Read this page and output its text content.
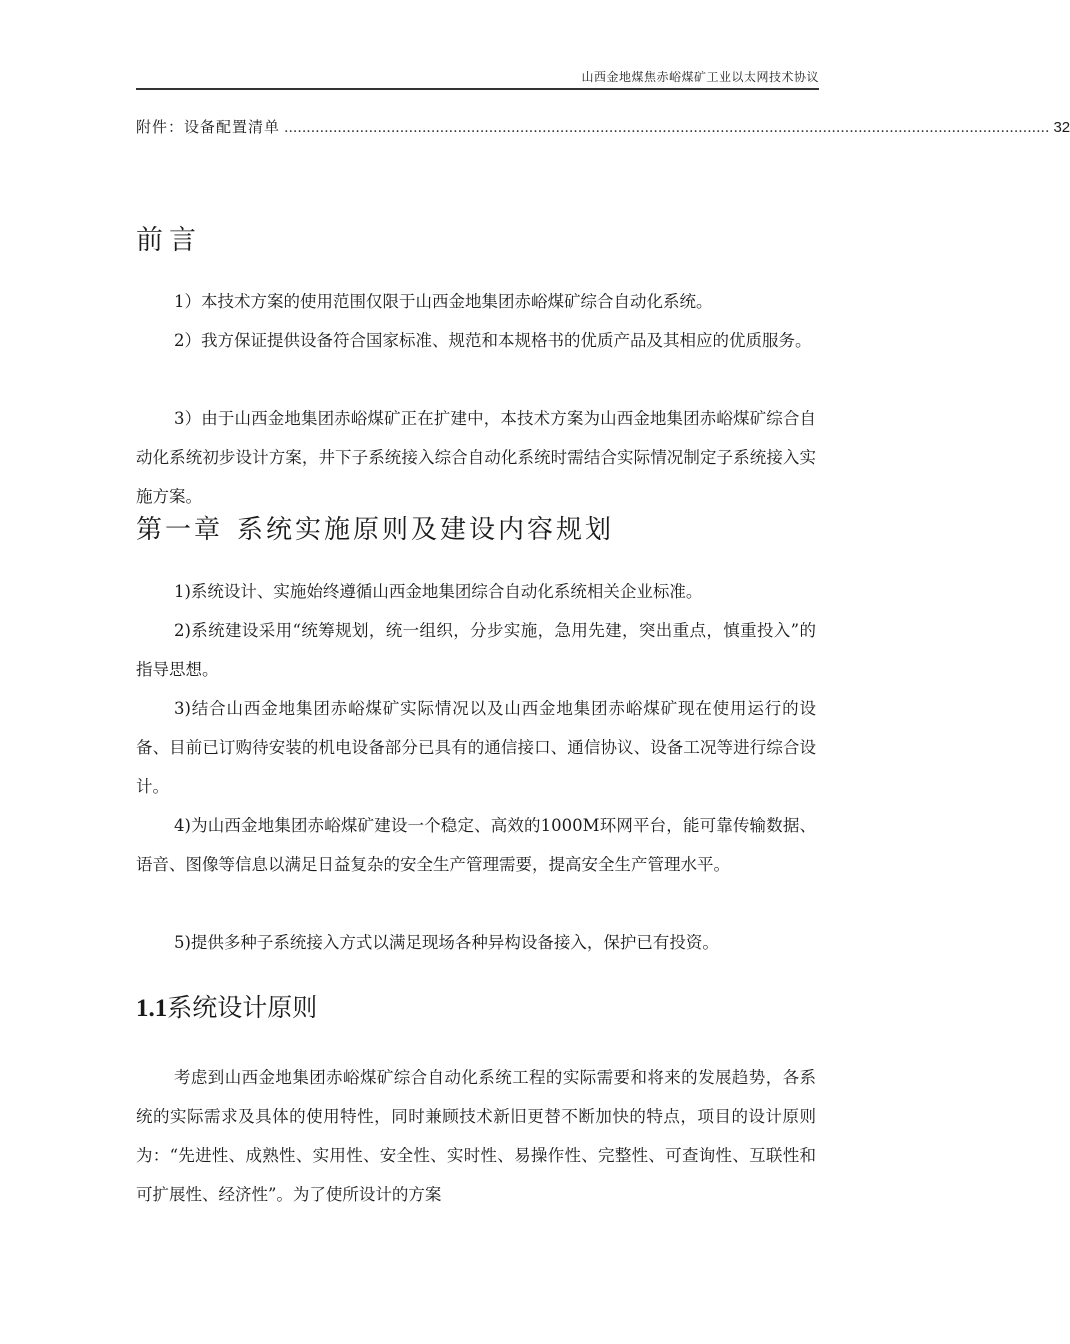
山西金地煤焦赤峪煤矿工业以太网技术协议
附件：设备配置清单 ............................................................................................................................................................................ 32
前言

1）本技术方案的使用范围仅限于山西金地集团赤峪煤矿综合自动化系统。

2）我方保证提供设备符合国家标准、规范和本规格书的优质产品及其相应的优质服务。

3）由于山西金地集团赤峪煤矿正在扩建中，本技术方案为山西金地集团赤峪煤矿综合自动化系统初步设计方案，井下子系统接入综合自动化系统时需结合实际情况制定子系统接入实施方案。

第一章 系统实施原则及建设内容规划

1)系统设计、实施始终遵循山西金地集团综合自动化系统相关企业标准。

2)系统建设采用“统筹规划，统一组织，分步实施，急用先建，突出重点，慎重投入”的指导思想。

3)结合山西金地集团赤峪煤矿实际情况以及山西金地集团赤峪煤矿现在使用运行的设备、目前已订购待安装的机电设备部分已具有的通信接口、通信协议、设备工况等进行综合设计。

4)为山西金地集团赤峪煤矿建设一个稳定、高效的1000M环网平台，能可靠传输数据、语音、图像等信息以满足日益复杂的安全生产管理需要，提高安全生产管理水平。

5)提供多种子系统接入方式以满足现场各种异构设备接入，保护已有投资。

1.1系统设计原则

考虑到山西金地集团赤峪煤矿综合自动化系统工程的实际需要和将来的发展趋势，各系统的实际需求及具体的使用特性，同时兼顾技术新旧更替不断加快的特点，项目的设计原则为：“先进性、成熟性、实用性、安全性、实时性、易操作性、完整性、可查询性、互联性和可扩展性、经济性”。为了使所设计的方案
